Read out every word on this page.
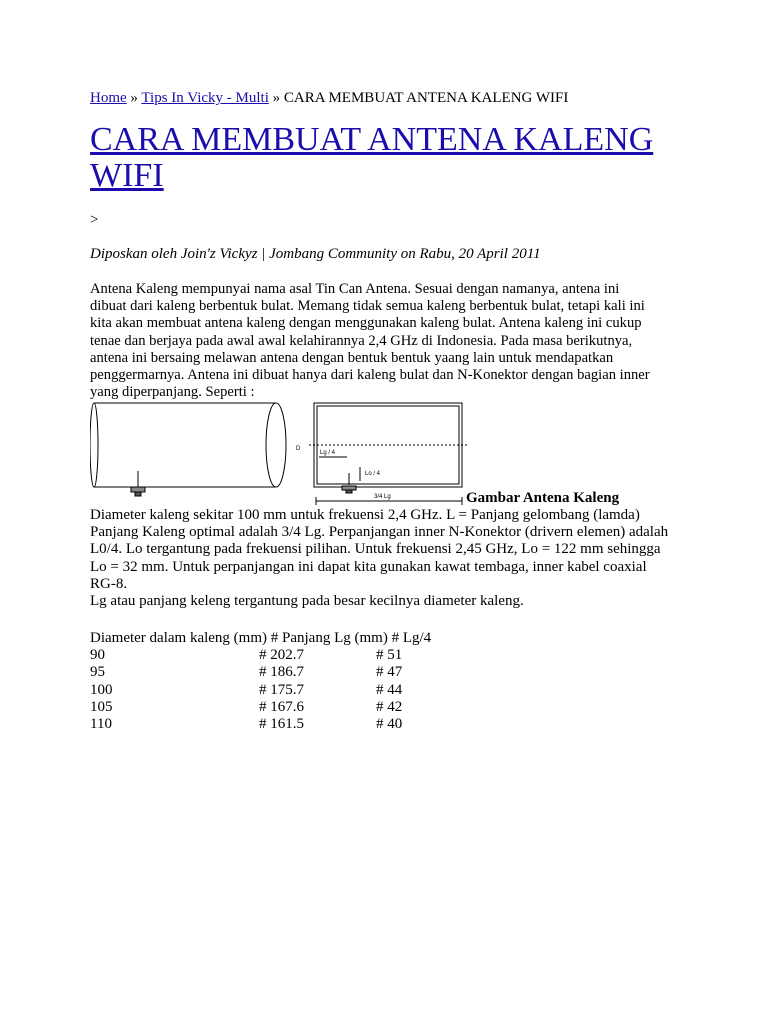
Home » Tips In Vicky - Multi » CARA MEMBUAT ANTENA KALENG WIFI
CARA MEMBUAT ANTENA KALENG WIFI
>
Diposkan oleh Join'z Vickyz | Jombang Community on Rabu, 20 April 2011
Antena Kaleng mempunyai nama asal Tin Can Antena. Sesuai dengan namanya, antena ini
dibuat dari kaleng berbentuk bulat. Memang tidak semua kaleng berbentuk bulat, tetapi kali ini
kita akan membuat antena kaleng dengan menggunakan kaleng bulat. Antena kaleng ini cukup
tenae dan berjaya pada awal awal kelahirannya 2,4 GHz di Indonesia. Pada masa berikutnya,
antena ini bersaing melawan antena dengan bentuk bentuk yaang lain untuk mendapatkan
penggermarnya. Antena ini dibuat hanya dari kaleng bulat dan N-Konektor dengan bagian inner
yang diperpanjang. Seperti :
D
Lg / 4
Lo / 4
3/4 Lg	Gambar Antena Kaleng
Diameter kaleng sekitar 100 mm untuk frekuensi 2,4 GHz. L = Panjang gelombang (lamda)
Panjang Kaleng optimal adalah 3/4 Lg. Perpanjangan inner N-Konektor (drivern elemen) adalah
L0/4. Lo tergantung pada frekuensi pilihan. Untuk frekuensi 2,45 GHz, Lo = 122 mm sehingga
Lo = 32 mm. Untuk perpanjangan ini dapat kita gunakan kawat tembaga, inner kabel coaxial
RG-8.
Lg atau panjang keleng tergantung pada besar kecilnya diameter kaleng.
Diameter dalam kaleng (mm) # Panjang Lg (mm) # Lg/4
90	# 202.7	# 51
95	# 186.7	# 47
100	# 175.7	# 44
105	# 167.6	# 42
110	# 161.5	# 40
